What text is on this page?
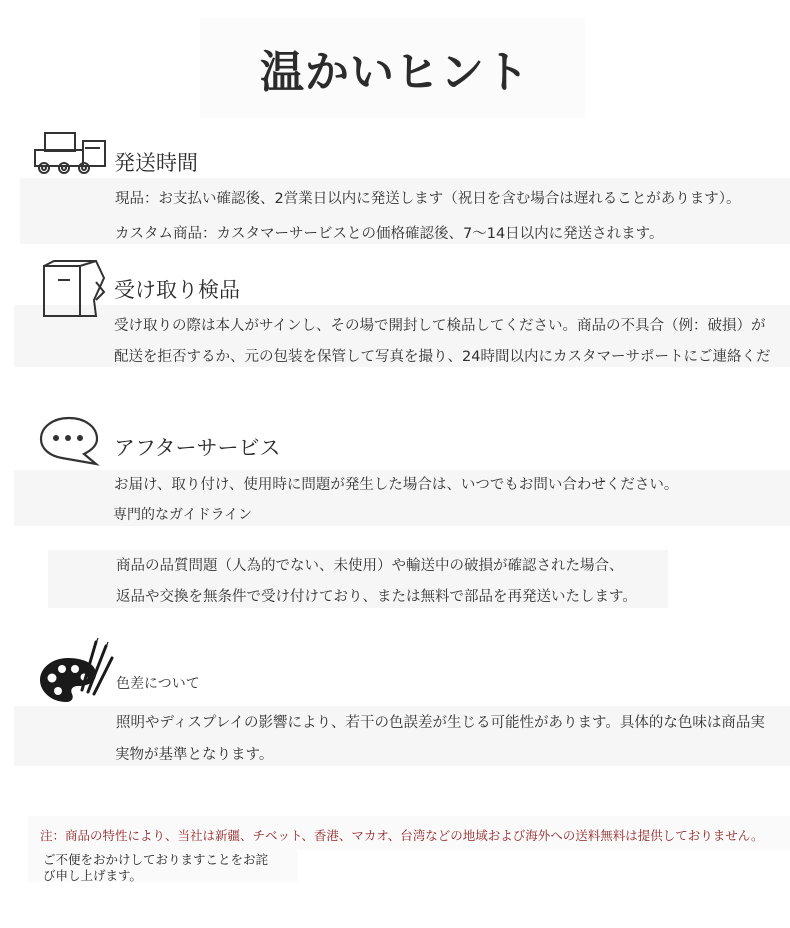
温かいヒント
発送時間
現品：お支払い確認後、2営業日以内に発送します（祝日を含む場合は遅れることがあります）。
カスタム商品：カスタマーサービスとの価格確認後、7〜14日以内に発送されます。
受け取り検品
受け取りの際は本人がサインし、その場で開封して検品してください。商品の不具合（例：破損）が
配送を拒否するか、元の包装を保管して写真を撮り、24時間以内にカスタマーサポートにご連絡くだ
アフターサービス
お届け、取り付け、使用時に問題が発生した場合は、いつでもお問い合わせください。
専門的なガイドライン
商品の品質問題（人為的でない、未使用）や輸送中の破損が確認された場合、
返品や交換を無条件で受け付けており、または無料で部品を再発送いたします。
色差について
照明やディスプレイの影響により、若干の色誤差が生じる可能性があります。具体的な色味は商品実
実物が基準となります。
注：商品の特性により、当社は新疆、チベット、香港、マカオ、台湾などの地域および海外への送料無料は提供しておりません。
ご不便をおかけしておりますことをお詫び申し上げます。
